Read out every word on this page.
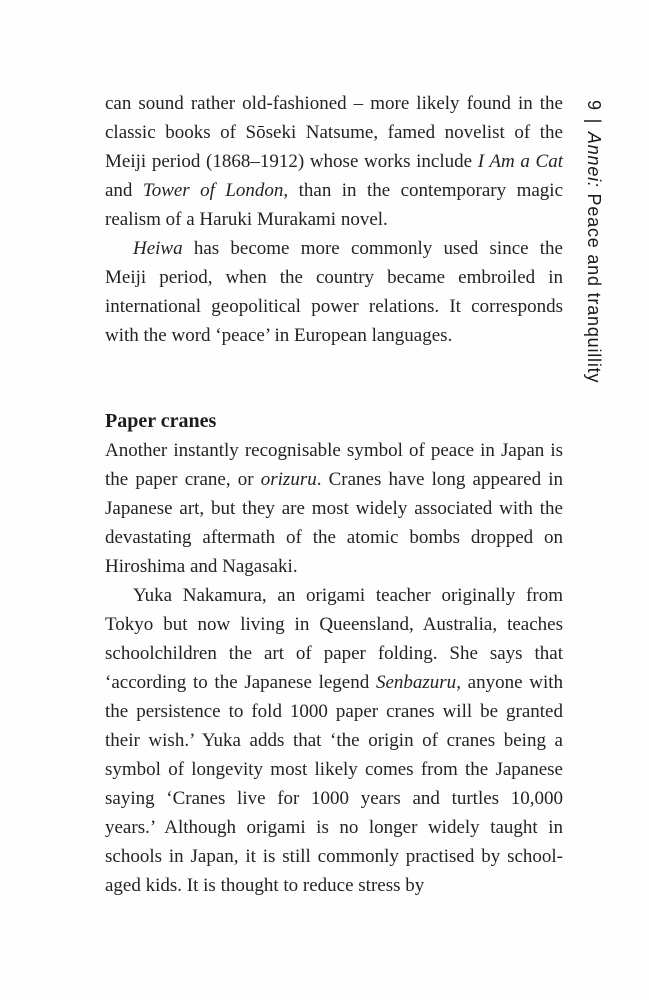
can sound rather old-fashioned – more likely found in the classic books of Sōseki Natsume, famed novelist of the Meiji period (1868–1912) whose works include I Am a Cat and Tower of London, than in the contemporary magic realism of a Haruki Murakami novel.

Heiwa has become more commonly used since the Meiji period, when the country became embroiled in international geopolitical power relations. It corresponds with the word ‘peace’ in European languages.

Paper cranes

Another instantly recognisable symbol of peace in Japan is the paper crane, or orizuru. Cranes have long appeared in Japanese art, but they are most widely associated with the devastating aftermath of the atomic bombs dropped on Hiroshima and Nagasaki.

Yuka Nakamura, an origami teacher originally from Tokyo but now living in Queensland, Australia, teaches schoolchildren the art of paper folding. She says that ‘according to the Japanese legend Senbazuru, anyone with the persistence to fold 1000 paper cranes will be granted their wish.’ Yuka adds that ‘the origin of cranes being a symbol of longevity most likely comes from the Japanese saying ‘Cranes live for 1000 years and turtles 10,000 years.’ Although origami is no longer widely taught in schools in Japan, it is still commonly practised by school-aged kids. It is thought to reduce stress by

9 | Annei: Peace and tranquillity
